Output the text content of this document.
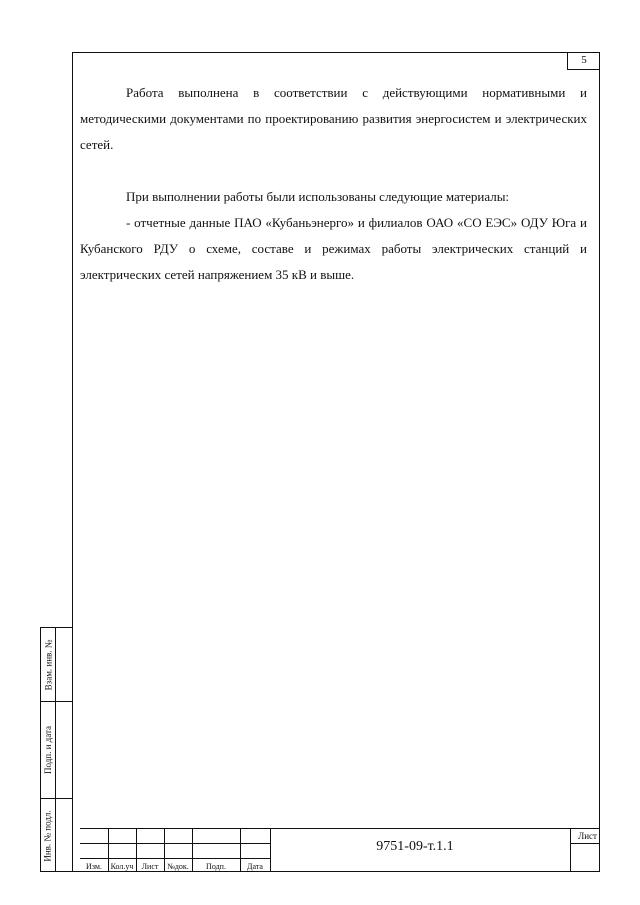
5

Работа выполнена в соответствии с действующими нормативными и методическими документами по проектированию развития энергосистем и электрических сетей.

При выполнении работы были использованы следующие материалы:

- отчетные данные ПАО «Кубаньэнерго» и филиалов ОАО «СО ЕЭС» ОДУ Юга и Кубанского РДУ о схеме, составе и режимах работы электрических станций и электрических сетей напряжением 35 кВ и выше.

Взам. инв. №
Подп. и дата
Инв. № подл.
Изм.	Кол.уч	Лист	№док.	Подп.	Дата
9751-09-т.1.1
Лист
